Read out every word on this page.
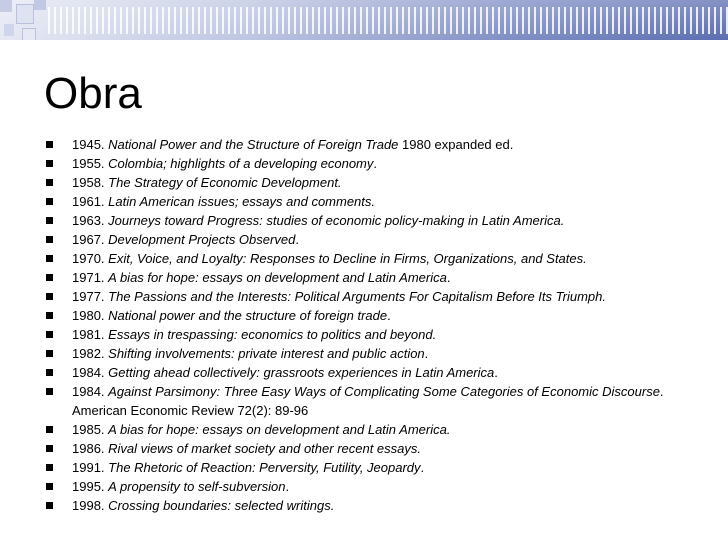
Obra
1945. National Power and the Structure of Foreign Trade 1980 expanded ed.
1955. Colombia; highlights of a developing economy.
1958. The Strategy of Economic Development.
1961. Latin American issues; essays and comments.
1963. Journeys toward Progress: studies of economic policy-making in Latin America.
1967. Development Projects Observed.
1970. Exit, Voice, and Loyalty: Responses to Decline in Firms, Organizations, and States.
1971. A bias for hope: essays on development and Latin America.
1977. The Passions and the Interests: Political Arguments For Capitalism Before Its Triumph.
1980. National power and the structure of foreign trade.
1981. Essays in trespassing: economics to politics and beyond.
1982. Shifting involvements: private interest and public action.
1984. Getting ahead collectively: grassroots experiences in Latin America.
1984. Against Parsimony: Three Easy Ways of Complicating Some Categories of Economic Discourse. American Economic Review 72(2): 89-96
1985. A bias for hope: essays on development and Latin America.
1986. Rival views of market society and other recent essays.
1991. The Rhetoric of Reaction: Perversity, Futility, Jeopardy.
1995. A propensity to self-subversion.
1998. Crossing boundaries: selected writings.
